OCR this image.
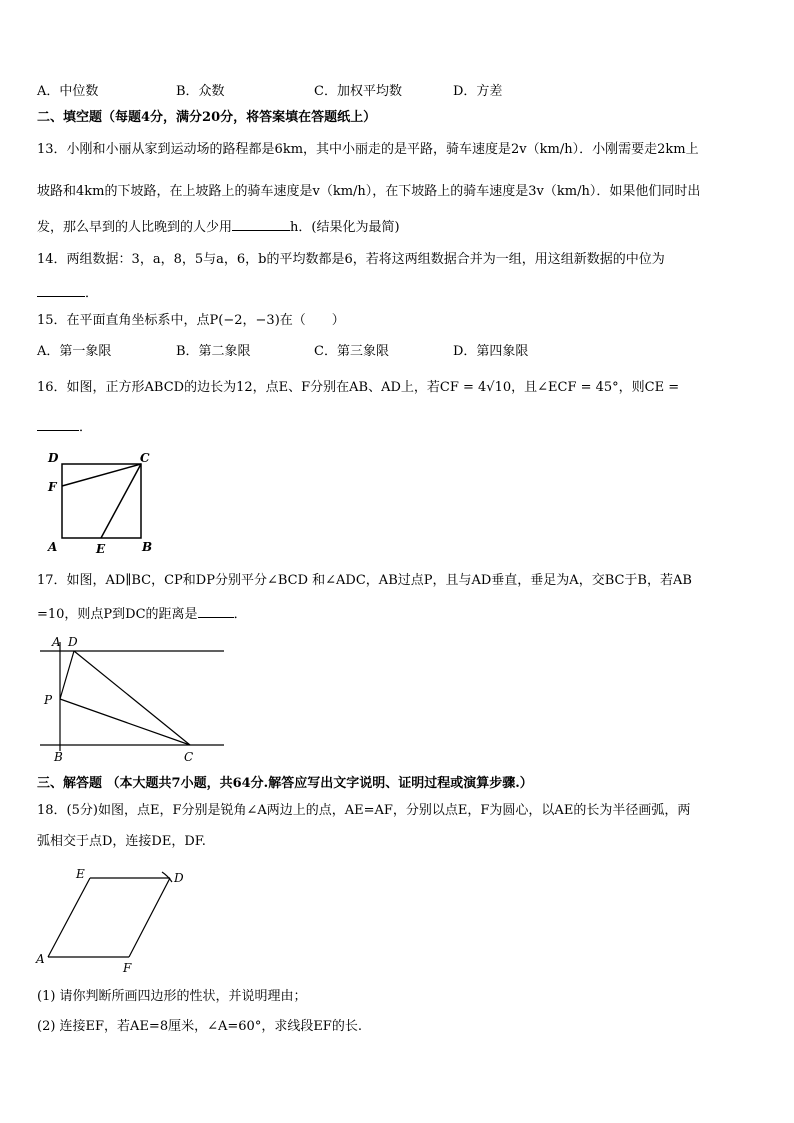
A．中位数	B．众数	C．加权平均数	D．方差
二、填空题（每题4分，满分20分，将答案填在答题纸上）
13．小刚和小丽从家到运动场的路程都是6km，其中小丽走的是平路，骑车速度是2v（km/h）．小刚需要走2km上
坡路和4km的下坡路，在上坡路上的骑车速度是v（km/h），在下坡路上的骑车速度是3v（km/h）．如果他们同时出
发，那么早到的人比晚到的人少用	h．(结果化为最简)
14．两组数据：3，a，8，5与a，6，b的平均数都是6，若将这两组数据合并为一组，用这组新数据的中位为
．
15．在平面直角坐标系中，点P(−2，−3)在（　　）
A．第一象限	B．第二象限	C．第三象限	D．第四象限
16．如图，正方形ABCD的边长为12，点E、F分别在AB、AD上，若CF = 4√10，且∠ECF = 45°，则CE =
．
D	C
F
A	E	B
17．如图，AD∥BC，CP和DP分别平分∠BCD 和∠ADC，AB过点P，且与AD垂直，垂足为A，交BC于B，若AB
=10，则点P到DC的距离是	．
A D
P
B	C
三、解答题 （本大题共7小题，共64分.解答应写出文字说明、证明过程或演算步骤.）
18．(5分)如图，点E，F分别是锐角∠A两边上的点，AE=AF，分别以点E，F为圆心，以AE的长为半径画弧，两
弧相交于点D，连接DE，DF.
E	D
A
F
(1) 请你判断所画四边形的性状，并说明理由；
(2) 连接EF，若AE=8厘米，∠A=60°，求线段EF的长.
